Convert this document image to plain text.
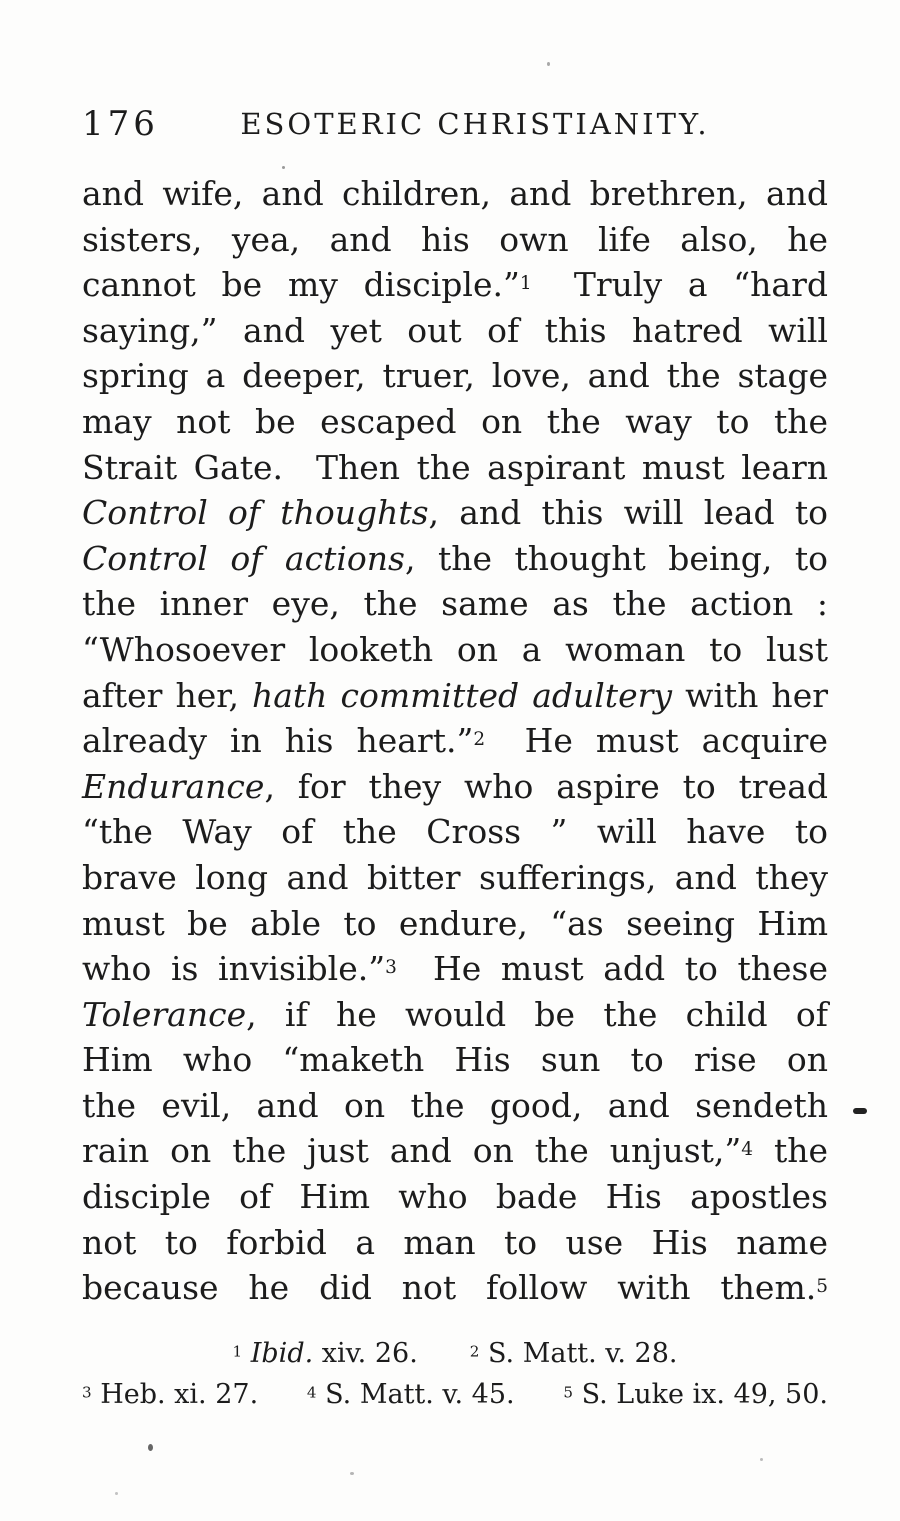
176	ESOTERIC CHRISTIANITY.
and wife, and children, and brethren, and
sisters, yea, and his own life also, he
cannot be my disciple.”$^1$  Truly a “hard
saying,” and yet out of this hatred will
spring a deeper, truer, love, and the stage
may not be escaped on the way to the
Strait Gate.  Then the aspirant must learn
Control of thoughts, and this will lead to
Control of actions, the thought being, to
the inner eye, the same as the action :
“Whosoever looketh on a woman to lust
after her, hath committed adultery with her
already in his heart.”$^2$  He must acquire
Endurance, for they who aspire to tread
“the Way of the Cross ” will have to
brave long and bitter sufferings, and they
must be able to endure, “as seeing Him
who is invisible.”$^3$  He must add to these
Tolerance, if he would be the child of
Him who “maketh His sun to rise on
the evil, and on the good, and sendeth
rain on the just and on the unjust,”$^4$ the
disciple of Him who bade His apostles
not to forbid a man to use His name
because he did not follow with them.$^5$
$^1$ Ibid. xiv. 26.	$^2$ S. Matt. v. 28.
$^3$ Heb. xi. 27.	$^4$ S. Matt. v. 45.	$^5$ S. Luke ix. 49, 50.
